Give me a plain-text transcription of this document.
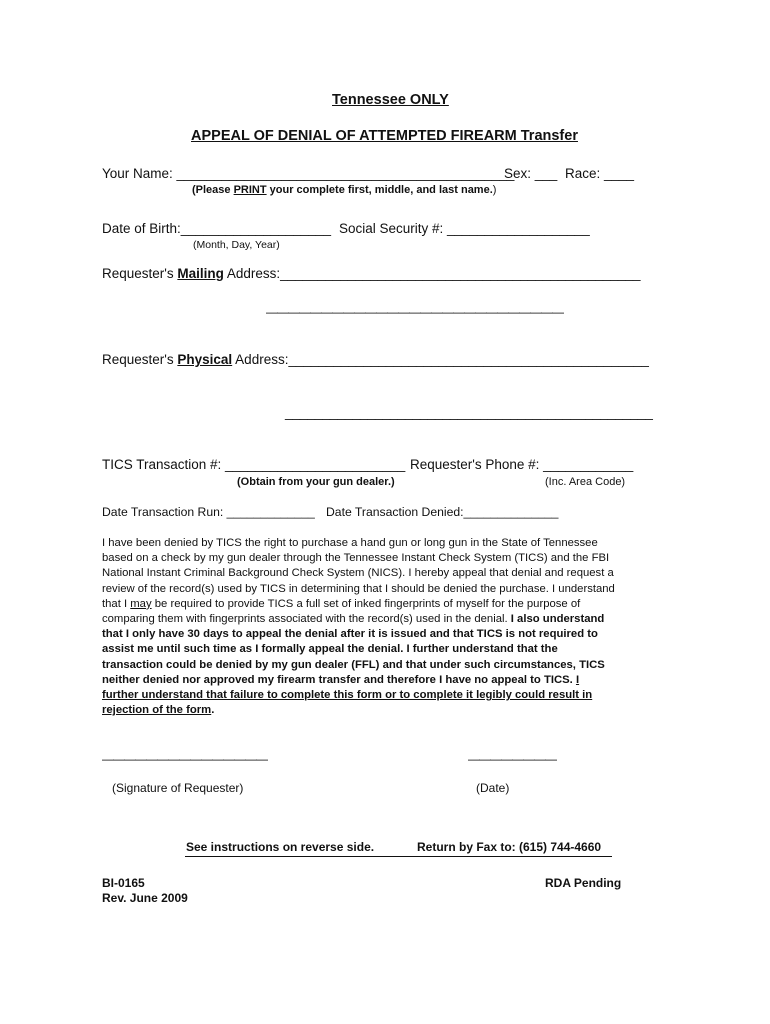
Tennessee ONLY
APPEAL OF DENIAL OF ATTEMPTED FIREARM Transfer
Your Name: _____________________________________________
Sex: ___ Race: ____
(Please PRINT your complete first, middle, and last name.)
Date of Birth:____________________ Social Security #: ___________________
(Month, Day, Year)
Requester's Mailing Address:________________________________________________
———————————————————————————
Requester's Physical Address:________________________________________________
_________________________________________________
TICS Transaction #: ________________________ Requester's Phone #: ____________
(Obtain from your gun dealer.)	(Inc. Area Code)
Date Transaction Run: _____________ Date Transaction Denied:______________
I have been denied by TICS the right to purchase a hand gun or long gun in the State of Tennessee
based on a check by my gun dealer through the Tennessee Instant Check System (TICS) and the FBI
National Instant Criminal Background Check System (NICS). I hereby appeal that denial and request a
review of the record(s) used by TICS in determining that I should be denied the purchase. I understand
that I may be required to provide TICS a full set of inked fingerprints of myself for the purpose of
comparing them with fingerprints associated with the record(s) used in the denial. I also understand
that I only have 30 days to appeal the denial after it is issued and that TICS is not required to
assist me until such time as I formally appeal the denial. I further understand that the
transaction could be denied by my gun dealer (FFL) and that under such circumstances, TICS
neither denied nor approved my firearm transfer and therefore I have no appeal to TICS. I
further understand that failure to complete this form or to complete it legibly could result in
rejection of the form.
———————————————	————————
(Signature of Requester)	(Date)
See instructions on reverse side.	Return by Fax to: (615) 744-4660
BI-0165
Rev. June 2009
RDA Pending
